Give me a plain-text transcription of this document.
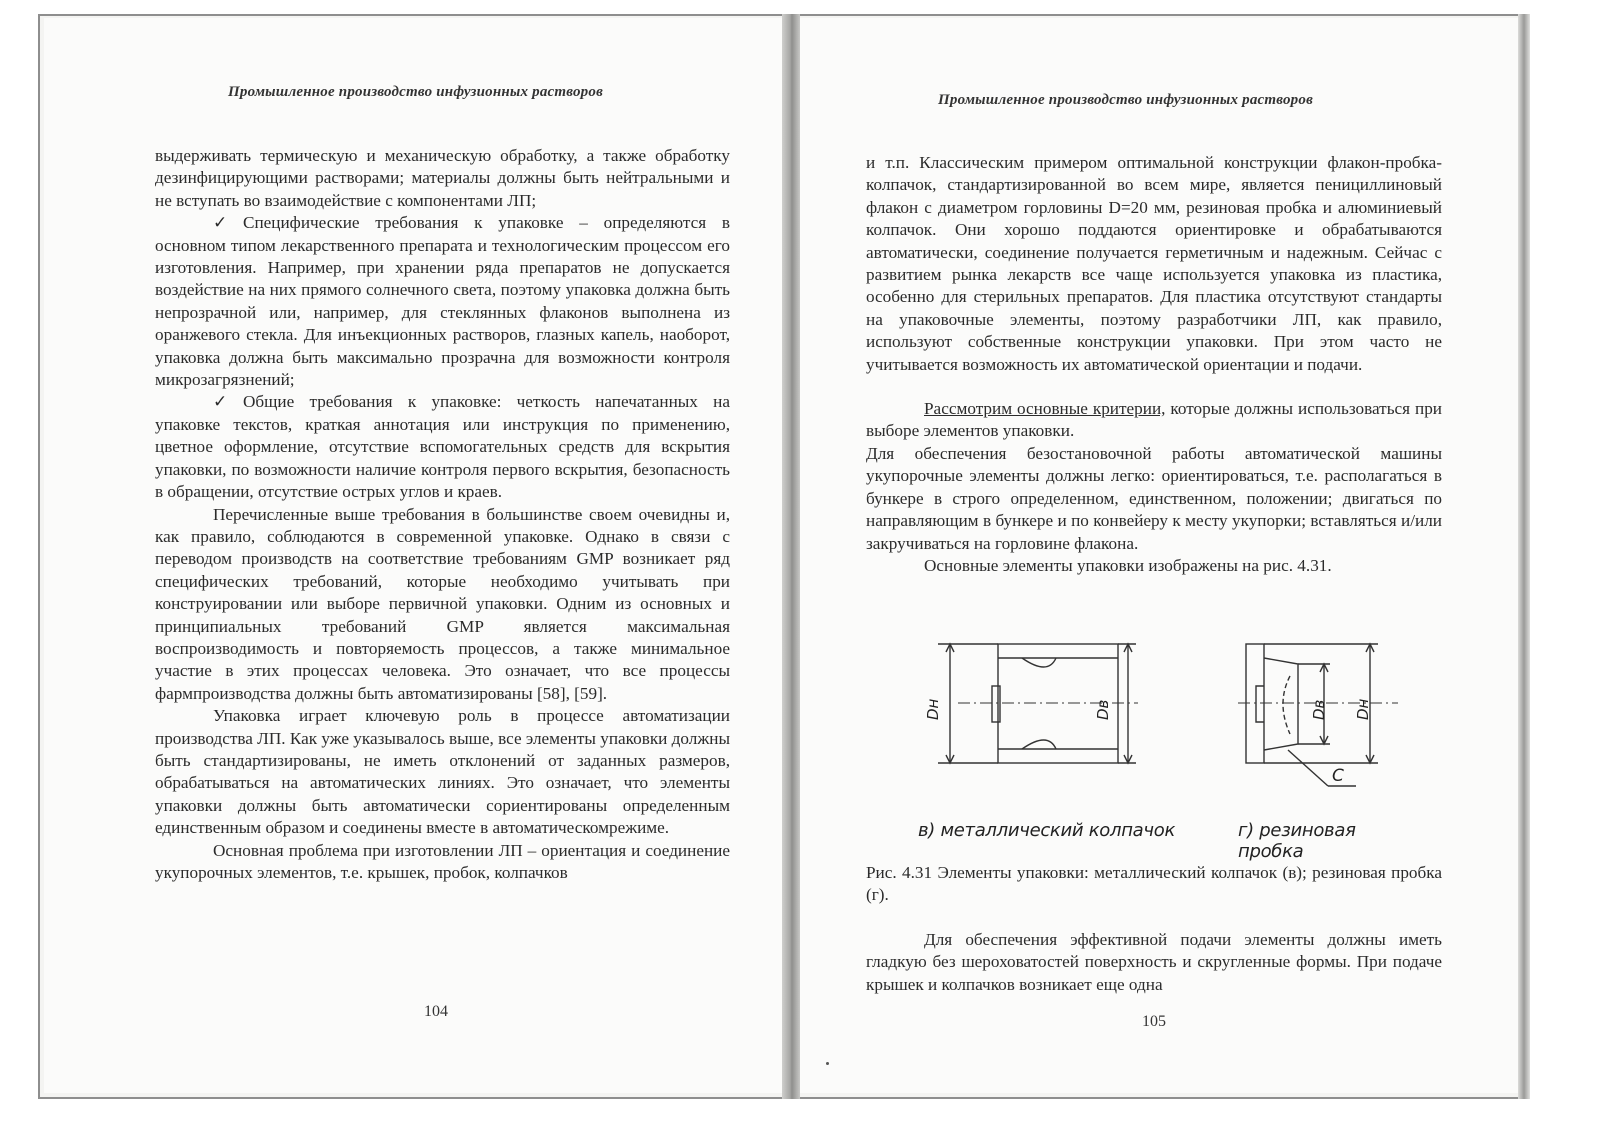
Промышленное производство инфузионных растворов

выдерживать термическую и механическую обработку, а также обработку дезинфицирующими растворами; материалы должны быть нейтральными и не вступать во взаимодействие с компонентами ЛП;

✓ Специфические требования к упаковке – определяются в основном типом лекарственного препарата и технологическим процессом его изготовления. Например, при хранении ряда препаратов не допускается воздействие на них прямого солнечного света, поэтому упаковка должна быть непрозрачной или, например, для стеклянных флаконов выполнена из оранжевого стекла. Для инъекционных растворов, глазных капель, наоборот, упаковка должна быть максимально прозрачна для возможности контроля микрозагрязнений;

✓ Общие требования к упаковке: четкость напечатанных на упаковке текстов, краткая аннотация или инструкция по применению, цветное оформление, отсутствие вспомогательных средств для вскрытия упаковки, по возможности наличие контроля первого вскрытия, безопасность в обращении, отсутствие острых углов и краев.

Перечисленные выше требования в большинстве своем очевидны и, как правило, соблюдаются в современной упаковке. Однако в связи с переводом производств на соответствие требованиям GMP возникает ряд специфических требований, которые необходимо учитывать при конструировании или выборе первичной упаковки. Одним из основных и принципиальных требований GMP является максимальная воспроизводимость и повторяемость процессов, а также минимальное участие в этих процессах человека. Это означает, что все процессы фармпроизводства должны быть автоматизированы [58], [59].

Упаковка играет ключевую роль в процессе автоматизации производства ЛП. Как уже указывалось выше, все элементы упаковки должны быть стандартизированы, не иметь отклонений от заданных размеров, обрабатываться на автоматических линиях. Это означает, что элементы упаковки должны быть автоматически сориентированы определенным единственным образом и соединены вместе в автоматическомрежиме.

Основная проблема при изготовлении ЛП – ориентация и соединение укупорочных элементов, т.е. крышек, пробок, колпачков

104
Промышленное производство инфузионных растворов

и т.п. Классическим примером оптимальной конструкции флакон-пробка-колпачок, стандартизированной во всем мире, является пенициллиновый флакон с диаметром горловины D=20 мм, резиновая пробка и алюминиевый колпачок. Они хорошо поддаются ориентировке и обрабатываются автоматически, соединение получается герметичным и надежным. Сейчас с развитием рынка лекарств все чаще используется упаковка из пластика, особенно для стерильных препаратов. Для пластика отсутствуют стандарты на упаковочные элементы, поэтому разработчики ЛП, как правило, используют собственные конструкции упаковки. При этом часто не учитывается возможность их автоматической ориентации и подачи.

Рассмотрим основные критерии, которые должны использоваться при выборе элементов упаковки.

Для обеспечения безостановочной работы автоматической машины укупорочные элементы должны легко: ориентироваться, т.е. располагаться в бункере в строго определенном, единственном, положении; двигаться по направляющим в бункере и по конвейеру к месту укупорки; вставляться и/или закручиваться на горловине флакона.

Основные элементы упаковки изображены на рис. 4.31.

Dн	Dв	Dв Dн
С
в) металлический колпачок	г) резиновая пробка

Рис. 4.31 Элементы упаковки: металлический колпачок (в); резиновая пробка (г).

Для обеспечения эффективной подачи элементы должны иметь гладкую без шероховатостей поверхность и скругленные формы. При подаче крышек и колпачков возникает еще одна

105
